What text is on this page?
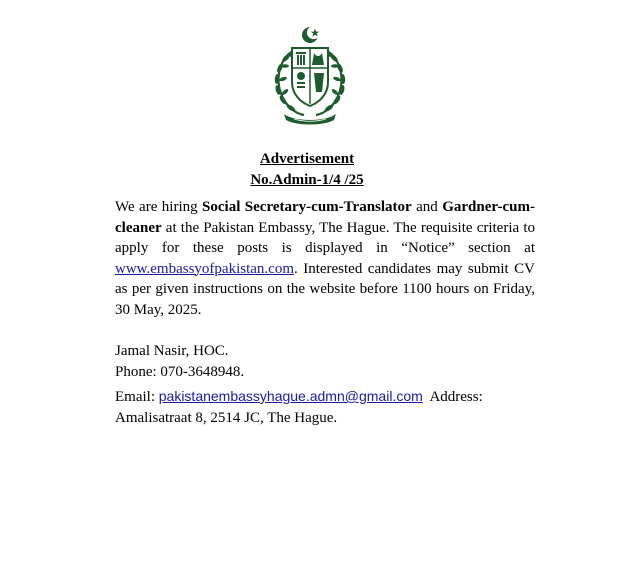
Advertisement
No.Admin-1/4 /25
We are hiring Social Secretary-cum-Translator and Gardner-cum-cleaner at the Pakistan Embassy, The Hague. The requisite criteria to apply for these posts is displayed in “Notice” section at www.embassyofpakistan.com. Interested candidates may submit CV as per given instructions on the website before 1100 hours on Friday, 30 May, 2025.
Jamal Nasir, HOC.
Phone: 070-3648948.
Email: pakistanembassyhague.admn@gmail.com  Address:
Amalisatraat 8, 2514 JC, The Hague.
